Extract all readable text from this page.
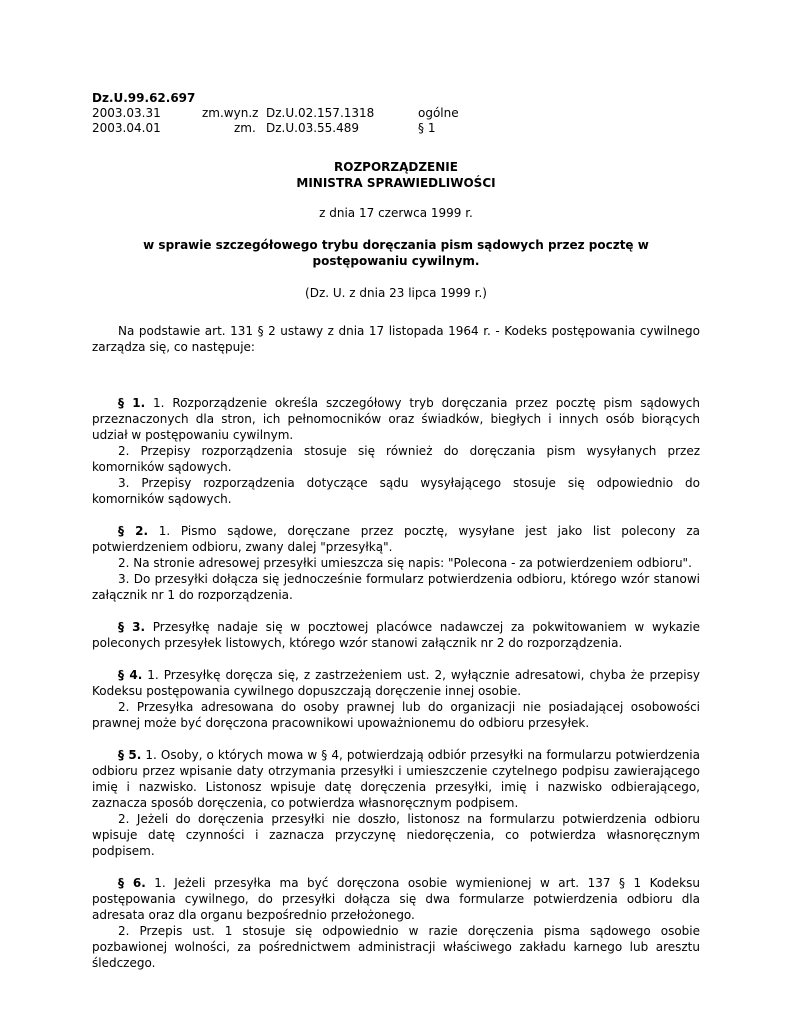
Dz.U.99.62.697
2003.03.31	zm.wyn.z Dz.U.02.157.1318	ogólne
2003.04.01	zm. Dz.U.03.55.489	§ 1
ROZPORZĄDZENIE
MINISTRA SPRAWIEDLIWOŚCI
z dnia 17 czerwca 1999 r.
w sprawie szczegółowego trybu doręczania pism sądowych przez pocztę w postępowaniu cywilnym.
(Dz. U. z dnia 23 lipca 1999 r.)

Na podstawie art. 131 § 2 ustawy z dnia 17 listopada 1964 r. - Kodeks postępowania cywilnego zarządza się, co następuje:

§ 1. 1. Rozporządzenie określa szczegółowy tryb doręczania przez pocztę pism sądowych przeznaczonych dla stron, ich pełnomocników oraz świadków, biegłych i innych osób biorących udział w postępowaniu cywilnym.

2. Przepisy rozporządzenia stosuje się również do doręczania pism wysyłanych przez komorników sądowych.

3. Przepisy rozporządzenia dotyczące sądu wysyłającego stosuje się odpowiednio do komorników sądowych.

§ 2. 1. Pismo sądowe, doręczane przez pocztę, wysyłane jest jako list polecony za potwierdzeniem odbioru, zwany dalej "przesyłką".

2. Na stronie adresowej przesyłki umieszcza się napis: "Polecona - za potwierdzeniem odbioru".

3. Do przesyłki dołącza się jednocześnie formularz potwierdzenia odbioru, którego wzór stanowi załącznik nr 1 do rozporządzenia.

§ 3. Przesyłkę nadaje się w pocztowej placówce nadawczej za pokwitowaniem w wykazie poleconych przesyłek listowych, którego wzór stanowi załącznik nr 2 do rozporządzenia.

§ 4. 1. Przesyłkę doręcza się, z zastrzeżeniem ust. 2, wyłącznie adresatowi, chyba że przepisy Kodeksu postępowania cywilnego dopuszczają doręczenie innej osobie.

2. Przesyłka adresowana do osoby prawnej lub do organizacji nie posiadającej osobowości prawnej może być doręczona pracownikowi upoważnionemu do odbioru przesyłek.

§ 5. 1. Osoby, o których mowa w § 4, potwierdzają odbiór przesyłki na formularzu potwierdzenia odbioru przez wpisanie daty otrzymania przesyłki i umieszczenie czytelnego podpisu zawierającego imię i nazwisko. Listonosz wpisuje datę doręczenia przesyłki, imię i nazwisko odbierającego, zaznacza sposób doręczenia, co potwierdza własnoręcznym podpisem.

2. Jeżeli do doręczenia przesyłki nie doszło, listonosz na formularzu potwierdzenia odbioru wpisuje datę czynności i zaznacza przyczynę niedoręczenia, co potwierdza własnoręcznym podpisem.

§ 6. 1. Jeżeli przesyłka ma być doręczona osobie wymienionej w art. 137 § 1 Kodeksu postępowania cywilnego, do przesyłki dołącza się dwa formularze potwierdzenia odbioru dla adresata oraz dla organu bezpośrednio przełożonego.

2. Przepis ust. 1 stosuje się odpowiednio w razie doręczenia pisma sądowego osobie pozbawionej wolności, za pośrednictwem administracji właściwego zakładu karnego lub aresztu śledczego.
